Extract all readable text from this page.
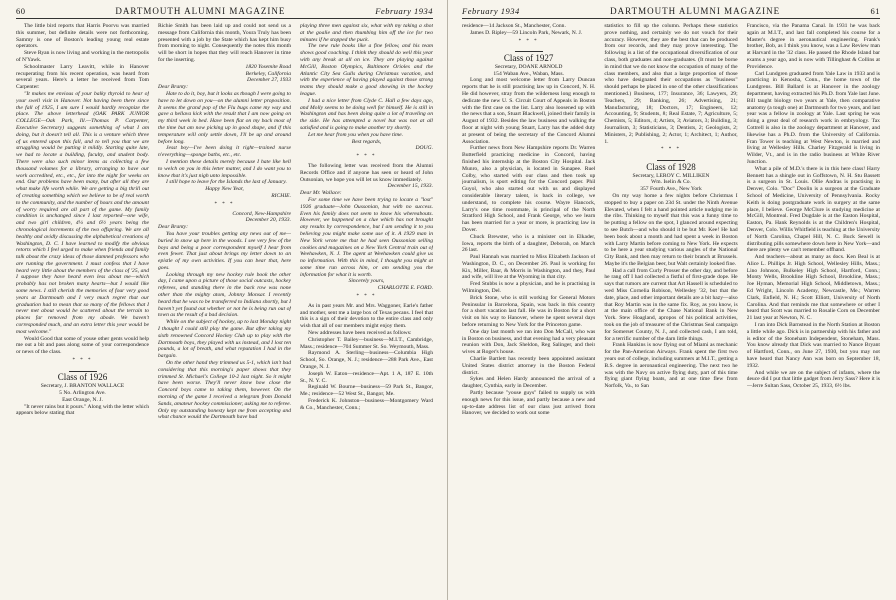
60	DARTMOUTH ALUMNI MAGAZINE	February 1934

The little bird reports that Harris Poorvu was married this summer, but definite details were not forthcoming. Sammy is one of Boston's leading young real estate operators.

Steve Ryan is now living and working in the metropolis of N'Yawk.

Schoolmaster Larry Leavitt, while in Hanover recuperating from his recent operation, was heard from several years. Here's a letter he received from Tom Carpenter:

"It makes me envious of your balky thyroid to hear of your swell visit in Hanover. Not having been there since the fall of 1925, I am sure I would hardly recognize the place. The above letterhead (OAK PARK JUNIOR COLLEGE—Oak Park, Ill.—Thomas P. Carpenter, Executive Secretary) suggests something of what I am doing, but it doesn't tell all. This is a venture which three of us entered upon this fall, and to tell you that we are struggling would be putting it mildly. Starting quite late, we had to locate a building, faculty, and student body. There were also such minor items as collecting a few thousand volumes for a library, arranging to have our work accredited, etc., etc., far into the night for weeks on end. Our problems have been many, but after all they are what make life worth while. We are getting a big thrill out of creating something which we believe to be of real worth to the community, and the number of hours and the amount of worry required are all part of the game. My family condition is unchanged since I last reported—one wife, and two girl children, 4¼ and 6½ years being the chronological increments of the two offspring. We are all healthy and avidly discussing the alphabetical creations of Washington, D. C. I have learned to modify the obvious retorts which I feel urged to make when friends and family talk about the crazy ideas of those damned professors who are running the government. I must confess that I have heard very little about the members of the class of '25, and I suppose they have heard even less about me—which probably has not broken many hearts—but I would like some news. I still cherish the memories of four very good years at Dartmouth and I very much regret that our graduation had to mean that so many of the fellows that I never met about would be scattered about the terrain to places far removed from my abode. We haven't corresponded much, and an extra letter this year would be most welcome."

Would Good that some of youse other gents would help me out a bit and pass along some of your correspondence or news of the class.

* * *
Class of 1926
Secretary, J. BRANTON WALLACE
5 No. Arlington Ave.
East Orange, N. J.

"It never rains but it pours." Along with the letter which appears below stating that

Richie Smith has been laid up and could not send us a message from California this month, Youra Truly has been presented with a job by the State which has kept him busy from morning to night. Consequently the notes this month will be short in hopes that they will reach Hanover in time for the inserting.

1820 Yosemite Road

Berkeley, California

December 27, 1933

Dear Branty:

Hate to do it, boy, but it looks as though I were going to have to let down on you—on the alumni letter proposition. It seems the grand pop of the Flu bugs came my way and gave a hellava kick with the result that I am now going on my third week in bed. Have been flat on my back most of the time but am now picking up in good shape, and if this temperature will only settle down, I'll be up and around before long.

Jesst boy—I've been doing it right—trained nurse n'everything—sponge baths, etc., etc.

I mention these details merely because I hate like hell to welch on you in this letter matter, and I do want you to know that it's just nigh unto impossible.

I still hope to leave for the Islands the last of January.

Happy New Year,

RICHIE.

* * *

Concord, New-Hampshire

December 20, 1933.

Dear Branty:

You have your troubles getting any news out of me—buried in snow up here in the woods. I see very few of the boys and being a poor correspondent myself I hear from even fewer. That just about brings my letter down to an epistle of my own activities. If you can bear that, here goes.

Looking through my new hockey rule book the other day, I came upon a picture of those social outcasts, hockey referees, and standing there in the back row was none other than the mighty atom, Johnny Monsar. I recently heard that he was to be transferred to Indiana shortly, but I haven't yet found out whether or not he is being run out of town as the result of a bad decision.

While on the subject of hockey, up to last Monday night I thought I could still play the game. But after taking my sixth renowned Concord Hockey Club up to play with the Dartmouth boys, they played with us instead, and I lost ten pounds, a lot of breath, and what reputation I had in the bargain.

On the other hand they trimmed us 5-1, which isn't bad considering that this morning's paper shows that they trimmed St. Michael's College 10-2 last night. So it might have been worse. They'll never know how close the Concord boys came to taking them, however. On the morning of the game I received a telegram from Donald Sands, amateur hockey commissioner, asking me to referee. Only my outstanding honesty kept me from accepting and what chance would the Dartmouth have had

playing three men against six, what with my taking a shot at the goalie and then thumbing him off the ice for two minutes if he stopped the puck.

The new rule books like a fine fellow, and his team shows good coaching. I think they should do well this year with any break at all on ice. They are playing against McGill, Boston Olympics, Baltimore Orioles and the Atlantic City Sea Gulls during Christmas vacation, and with the experience of having played against those strong teams they should make a good showing in the hockey league.

I had a nice letter from Clyde C. Hall a few days ago, and Molly seems to be doing well for himself. He is still in Washington and has been doing quite a lot of traveling on the side. He has attempted a novel but was not at all satisfied and is going to make another try shortly.

Let me hear from you when you have time.

Best regards,

DOUG.

* * *

The following letter was received from the Alumni Records Office and if anyone has seen or heard of John Outsonian, we hope you will let us know immediately.

December 15, 1933.

Dear Mr. Wallace:

For some time we have been trying to locate a "lost" 1926 graduate—John Oussonian, but with no success. Even his family does not seem to know his whereabouts. However, we happened on a clue which has not brought any results by correspondence, but I am sending it to you believing you might make some use of it. A 1929 man in New York wrote me that he had seen Oussonian selling cookies and magazines on a New York Central train out of Weehawken, N. J. The agent at Weehawken could give us no information. With this in mind, I thought you might at some time run across him, or am sending you the information for what it is worth.

Sincerely yours,

CHARLOTTE E. FORD.

* * *

As in past years Mr. and Mrs. Waggoner, Earle's father and mother, sent me a large box of Texas pecans. I feel that this is a sign of their devotion to the entire class and only wish that all of our members might enjoy them.

New addresses have been received as follows:

Christopher T. Bailey—business—M.I.T., Cambridge, Mass.; residence—704 Summer St. So. Weymouth, Mass.

Raymond A. Sterling—business—Columbia High School, So. Orange, N. J.; residence—288 Park Ave., East Orange, N. J.

Joseph W. Eaton—residence—Apt. 1 A, 187 E. 10th St., N. Y. C.

Reginald W. Bourne—business—59 Park St., Bangor, Me.; residence—52 West St., Bangor, Me.

Frederick K. Johnston—business—Montgomery Ward & Co., Manchester, Conn.;

February 1934	DARTMOUTH ALUMNI MAGAZINE	61

residence—14 Jackson St., Manchester, Conn.

James D. Ripley—59 Lincoln Park, Newark, N. J.

* * *
Class of 1927
Secretary, DOANE ARNOLD
154 Waban Ave., Waban, Mass.

Long and most welcome letter from Larry Duncan reports that he is still practising law up in Concord, N. H. He did however, stray from the wilderness long enough to dedicate the new U. S. Circuit Court of Appeals in Boston with the first case on the list. Larry also loosened up with the news that a son, Stuart Blackwell, joined their family in August of 1932. Besides the law business and walking the floor at night with young Stuart, Larry has the added duty at present of being the secretary of the Concord Alumni Association.

Further news from New Hampshire reports Dr. Warren Butterfield practicing medicine in Concord, having finished his internship at the Boston City Hospital. Jack Munro, also a physician, is located in Sunapee. Ruel Colby, who started with our class and then took up journalism, is sport editing for the Concord paper. Phil Guyol, who also started out with us and displayed considerable literary talent, is back in college, we understand, to complete his course. Wayre Hancock, Larry's one time roommate, is principal of the North Stratford High School, and Frank George, who we learn has been married for a year or more, is practicing law in Dover.

Chuck Brewster, who is a minister out in Elkader, Iowa, reports the birth of a daughter, Deborah, on March 26 last.

Paul Hannah was married to Miss Elizabeth Jackson of Washington, D. C., on December 26. Paul is working for Kix, Miller, Baar, & Morris in Washington, and they, Paul and wife, will live at the Wyoming in that city.

Fred Stubbs is now a physician, and he is practising in Wilmington, Del.

Brick Stone, who is still working for General Motors Peninsular in Barcelona, Spain, was back in this country for a short vacation last fall. He was in Boston for a short visit on his way to Hanover, where he spent several days before returning to New York for the Princeton game.

One day last month we ran into Don McCall, who was in Boston on business, and that evening had a very pleasant reunion with Don, Jack Sheldon, Reg Salinger, and their wives at Roger's house.

Charlie Bartlett has recently been appointed assistant United States district attorney in the Boston Federal district.

Sykes and Helen Hardy announced the arrival of a daughter, Cynthia, early in December.

Partly because "youse guys" failed to supply us with enough news for this issue, and partly because a new and up-to-date address list of our class just arrived from Hanover, we decided to work out some

statistics to fill up the column. Perhaps these statistics prove nothing, and certainly we do not vouch for their accuracy. However, they are the best that can be produced from our records, and they may prove interesting. The following is a list of the occupational diversification of our class, both graduates and non-graduates. (It must be borne in mind that we do not know the occupation of many of the class members, and also that a large proportion of those who have designated their occupations as "business" should perhaps be placed in one of the other classifications mentioned.) Business, 177; Insurance, 36; Lawyers, 29; Teachers, 29; Banking, 26; Advertising, 21; Manufacturing, 18; Doctors, 17; Engineers, 12; Accounting, 9; Students, 8; Real Estate, 7; Agriculture, 5; Chemists, 5; Editors, 4; Artists, 3; Aviators, 3; Building, 3; Journalism, 3; Statisticians, 3; Dentists, 2; Geologists, 2; Ministers, 2; Publishing, 2; Actor, 1; Architect, 1; Author, 1.

* * *
Class of 1928
Secretary, LEROY C. MILLIKEN
Wm. Iselin & Co.
357 Fourth Ave., New York

On my way home a few nights before Christmas I stopped to buy a paper on 23d St. under the Ninth Avenue Elevated, when I felt a hand pointed article nudging me in the ribs. Thinking to myself that this was a funny time to be putting a fellow on the spot, I glanced around expecting to see Butch—and who should it be but Mr. Kee! He had been book about a month and had spent a week in Boston with Larry Martin before coming to New York. He expects to be here a year studying various angles of the National City Bank, and then may return to their branch at Brussels. Maybe it's the Belgian beer, but Walt certainly looked fine.

Had a call from Curly Prosser the other day, and before he rang off I had collected a fistful of first-grade dope. He says that rumors are current that Art Hassell is scheduled to wed Miss Cornelia Robison, Wellesley '32, but that the date, place, and other important details are a bit hazy—also that Roy Martin was in the same fix. Roy, as you know, is at the main office of the Chase National Bank in New York. Stew Hoagland, apropos of his political activities, took on the job of treasurer of the Christmas Seal campaign for Somerset County, N. J., and collected cash, I am told, for a terrific number of the darn little things.

Frank Hankins is now flying out of Miami as mechanic for the Pan-American Airways. Frank spent the first two years out of college, including summers at M.I.T., getting a B.S. degree in aeronautical engineering. The next two he was with the Navy on active flying duty, part of this time flying giant flying boats, and at one time flew from Norfolk, Va., to San

Francisco, via the Panama Canal. In 1931 he was back again at M.I.T., and last fall completed his course for a Master's degree in aeronautical engineering. Frank's brother, Bob, as I think you know, was a Law Review man at Harvard in the '32 class. He passed the Rhode Island bar exams a year ago, and is now with Tillinghast & Collins at Providence.

Carl Lundgren graduated from Yale Law in 1933 and is practicing in Kenosha, Conn., the home town of the Lundgrens. Bill Ballard is at Hanover in the zoology department, having extracted his Ph.D. from Yale last June. Bill taught biology two years at Yale, then comparative anatomy (a tough one) at Dartmouth for two years, and last year was a fellow in zoology at Yale. Last spring he was doing a great deal of research work in embryology. Tax Cottrell is also in the zoology department at Hanover, and likewise has a Ph.D. from the University of California. Fran Tower is teaching at West Newton, is married and living at Wellesley Hills. Charley Fitzgerald is living in Wilder, Vt., and is in the radio business at White River Junction.

What a pile of M.D.'s there is in this here class! Harry Bennett has a shingle out in Goffstown, N. H. Stu Bassett is a surgeon in St. Louis. Ollie Andras is practising in Denver, Colo. "Doc" Doolin is a surgeon at the Graduate School of Medicine, University of Pennsylvania. Rocky Keith is doing postgraduate work in surgery at the same place, I believe. George McClure is studying medicine at McGill, Montreal. Fred Dugdale is at the Easton Hospital, Easton, Pa. Hank Reynolds is at the Children's Hospital, Denver, Colo. Willis Whitfield is teaching at the University of North Carolina, Chapel Hill, N. C. Buck Sewell is distributing pills somewhere down here in New York—and there are plenty we can't remember offhand.

And teachers—about as many as docs. Ken Beal is at Alice L. Phillips Jr. High School, Wellesley Hills, Mass.; Lino Johnson, Bulkeley High School, Hartford, Conn.; Monty Wells, Brookline High School, Brookline, Mass.; Joe Hyman, Memorial High School, Middletown, Mass.; Ed Wright, Lincoln Academy, Newcastle, Me.; Warren Clark, Enfield, N. H.; Scott Elliott, University of North Carolina. And that reminds me that somewhere or other I heard that Scott was married to Rosalie Corn on December 21 last year at Newton, N. C.

I ran into Dick Barnstead in the North Station at Boston a little while ago. Dick is in partnership with his father and is editor of the Stoneham Independent, Stoneham, Mass. You know already that Dick was married to Nance Bryant of Hartford, Conn., on June 27, 1930, but you may not have heard that Nancy Ann was born on September 18, 1932.

And while we are on the subject of infants, where the deuce did I put that little gadget from Jerry Sass? Here it is—Jerre Sultan Sass, October 25, 1933, 6½ lbs.
